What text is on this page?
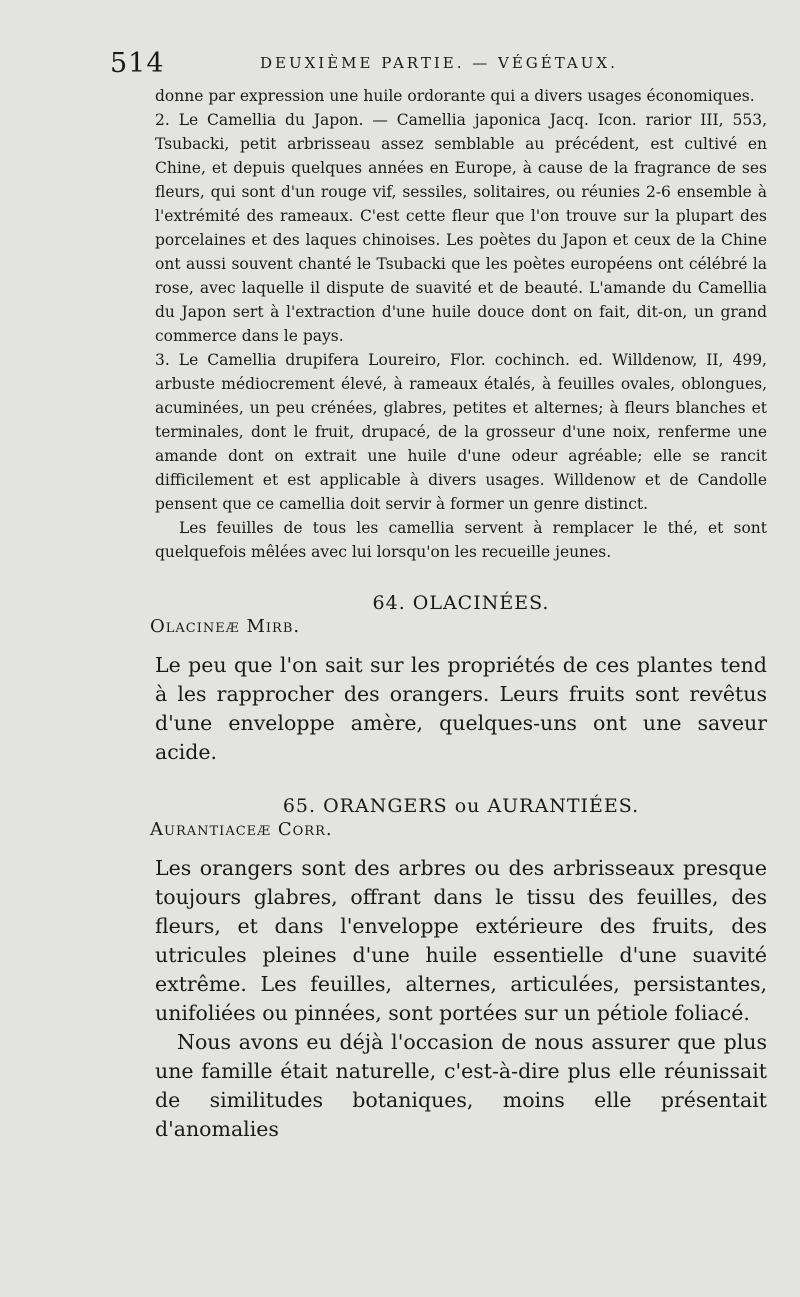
514	DEUXIÈME PARTIE. — VÉGÉTAUX.

donne par expression une huile ordorante qui a divers usages économiques.

2. Le Camellia du Japon. — Camellia japonica Jacq. Icon. rarior III, 553, Tsubacki, petit arbrisseau assez semblable au précédent, est cultivé en Chine, et depuis quelques années en Europe, à cause de la fragrance de ses fleurs, qui sont d'un rouge vif, sessiles, solitaires, ou réunies 2-6 ensemble à l'extrémité des rameaux. C'est cette fleur que l'on trouve sur la plupart des porcelaines et des laques chinoises. Les poètes du Japon et ceux de la Chine ont aussi souvent chanté le Tsubacki que les poètes européens ont célébré la rose, avec laquelle il dispute de suavité et de beauté. L'amande du Camellia du Japon sert à l'extraction d'une huile douce dont on fait, dit-on, un grand commerce dans le pays.

3. Le Camellia drupifera Loureiro, Flor. cochinch. ed. Willdenow, II, 499, arbuste médiocrement élevé, à rameaux étalés, à feuilles ovales, oblongues, acuminées, un peu crénées, glabres, petites et alternes; à fleurs blanches et terminales, dont le fruit, drupacé, de la grosseur d'une noix, renferme une amande dont on extrait une huile d'une odeur agréable; elle se rancit difficilement et est applicable à divers usages. Willdenow et de Candolle pensent que ce camellia doit servir à former un genre distinct.

Les feuilles de tous les camellia servent à remplacer le thé, et sont quelquefois mêlées avec lui lorsqu'on les recueille jeunes.

64. OLACINÉES.
Olacineæ Mirb.

Le peu que l'on sait sur les propriétés de ces plantes tend à les rapprocher des orangers. Leurs fruits sont revêtus d'une enveloppe amère, quelques-uns ont une saveur acide.

65. ORANGERS ou AURANTIÉES.
Aurantiaceæ Corr.

Les orangers sont des arbres ou des arbrisseaux presque toujours glabres, offrant dans le tissu des feuilles, des fleurs, et dans l'enveloppe extérieure des fruits, des utricules pleines d'une huile essentielle d'une suavité extrême. Les feuilles, alternes, articulées, persistantes, unifoliées ou pinnées, sont portées sur un pétiole foliacé.

Nous avons eu déjà l'occasion de nous assurer que plus une famille était naturelle, c'est-à-dire plus elle réunissait de similitudes botaniques, moins elle présentait d'anomalies
